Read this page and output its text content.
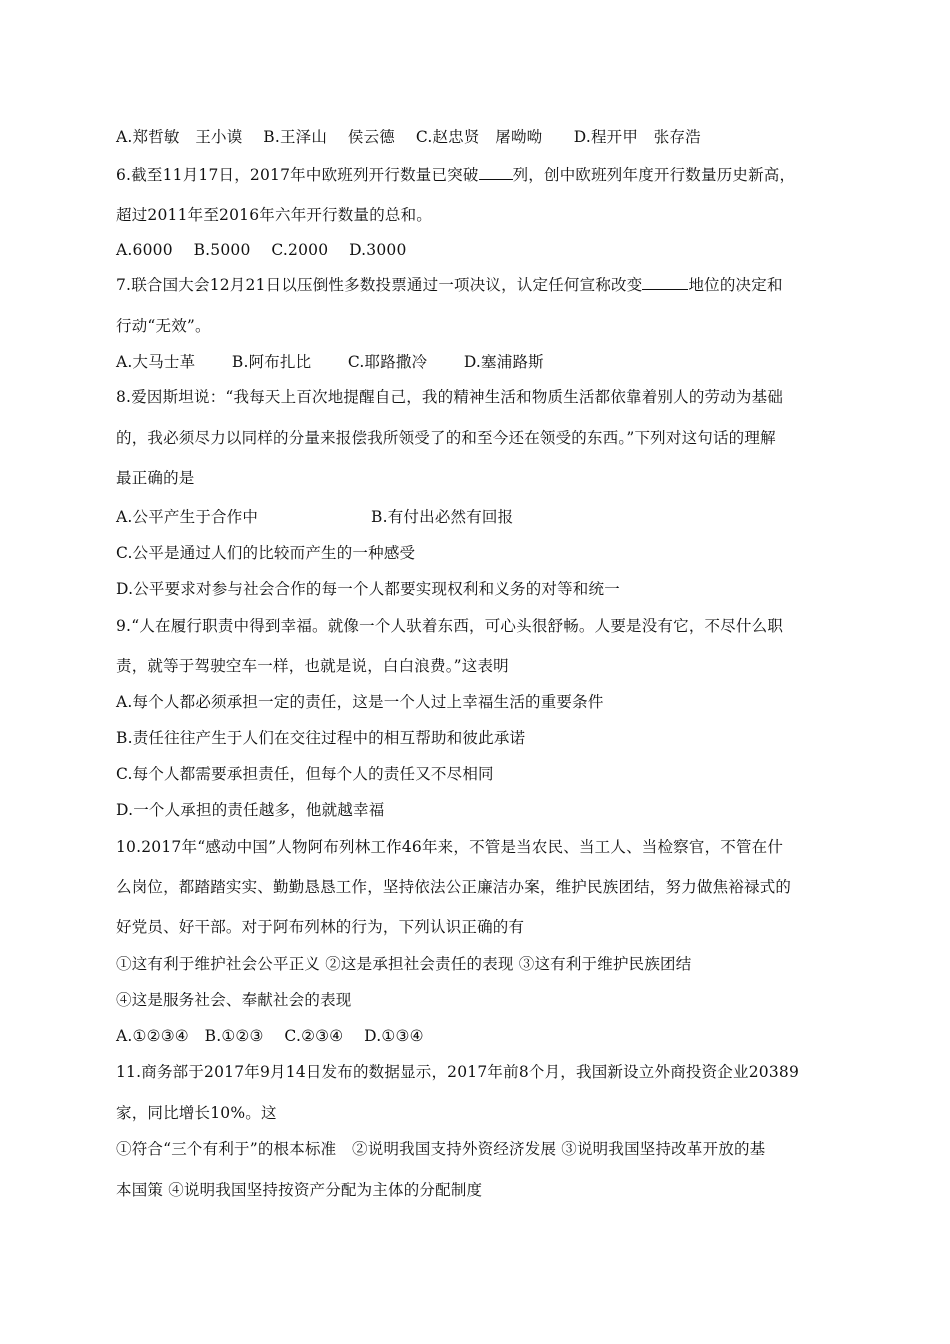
A.郑哲敏　王小谟　 B.王泽山　 侯云德　 C.赵忠贤　屠呦呦　　D.程开甲　张存浩
6.截至11月17日，2017年中欧班列开行数量已突破 列，创中欧班列年度开行数量历史新高，
超过2011年至2016年六年开行数量的总和。
A.6000　 B.5000　 C.2000　 D.3000
7.联合国大会12月21日以压倒性多数投票通过一项决议，认定任何宣称改变	地位的决定和
行动“无效”。
A.大马士革　　 B.阿布扎比　　 C.耶路撒冷　　 D.塞浦路斯
8.爱因斯坦说：“我每天上百次地提醒自己，我的精神生活和物质生活都依靠着别人的劳动为基础
的，我必须尽力以同样的分量来报偿我所领受了的和至今还在领受的东西。”下列对这句话的理解
最正确的是
A.公平产生于合作中	B.有付出必然有回报
C.公平是通过人们的比较而产生的一种感受
D.公平要求对参与社会合作的每一个人都要实现权利和义务的对等和统一
9.“人在履行职责中得到幸福。就像一个人驮着东西，可心头很舒畅。人要是没有它，不尽什么职
责，就等于驾驶空车一样，也就是说，白白浪费。”这表明
A.每个人都必须承担一定的责任，这是一个人过上幸福生活的重要条件
B.责任往往产生于人们在交往过程中的相互帮助和彼此承诺
C.每个人都需要承担责任，但每个人的责任又不尽相同
D.一个人承担的责任越多，他就越幸福
10.2017年“感动中国”人物阿布列林工作46年来，不管是当农民、当工人、当检察官，不管在什
么岗位，都踏踏实实、勤勤恳恳工作，坚持依法公正廉洁办案，维护民族团结，努力做焦裕禄式的
好党员、好干部。对于阿布列林的行为，下列认识正确的有
①这有利于维护社会公平正义 ②这是承担社会责任的表现 ③这有利于维护民族团结
④这是服务社会、奉献社会的表现
A.①②③④　B.①②③　 C.②③④　 D.①③④
11.商务部于2017年9月14日发布的数据显示，2017年前8个月，我国新设立外商投资企业20389
家，同比增长10%。这
①符合“三个有利于”的根本标准　②说明我国支持外资经济发展 ③说明我国坚持改革开放的基
本国策 ④说明我国坚持按资产分配为主体的分配制度
